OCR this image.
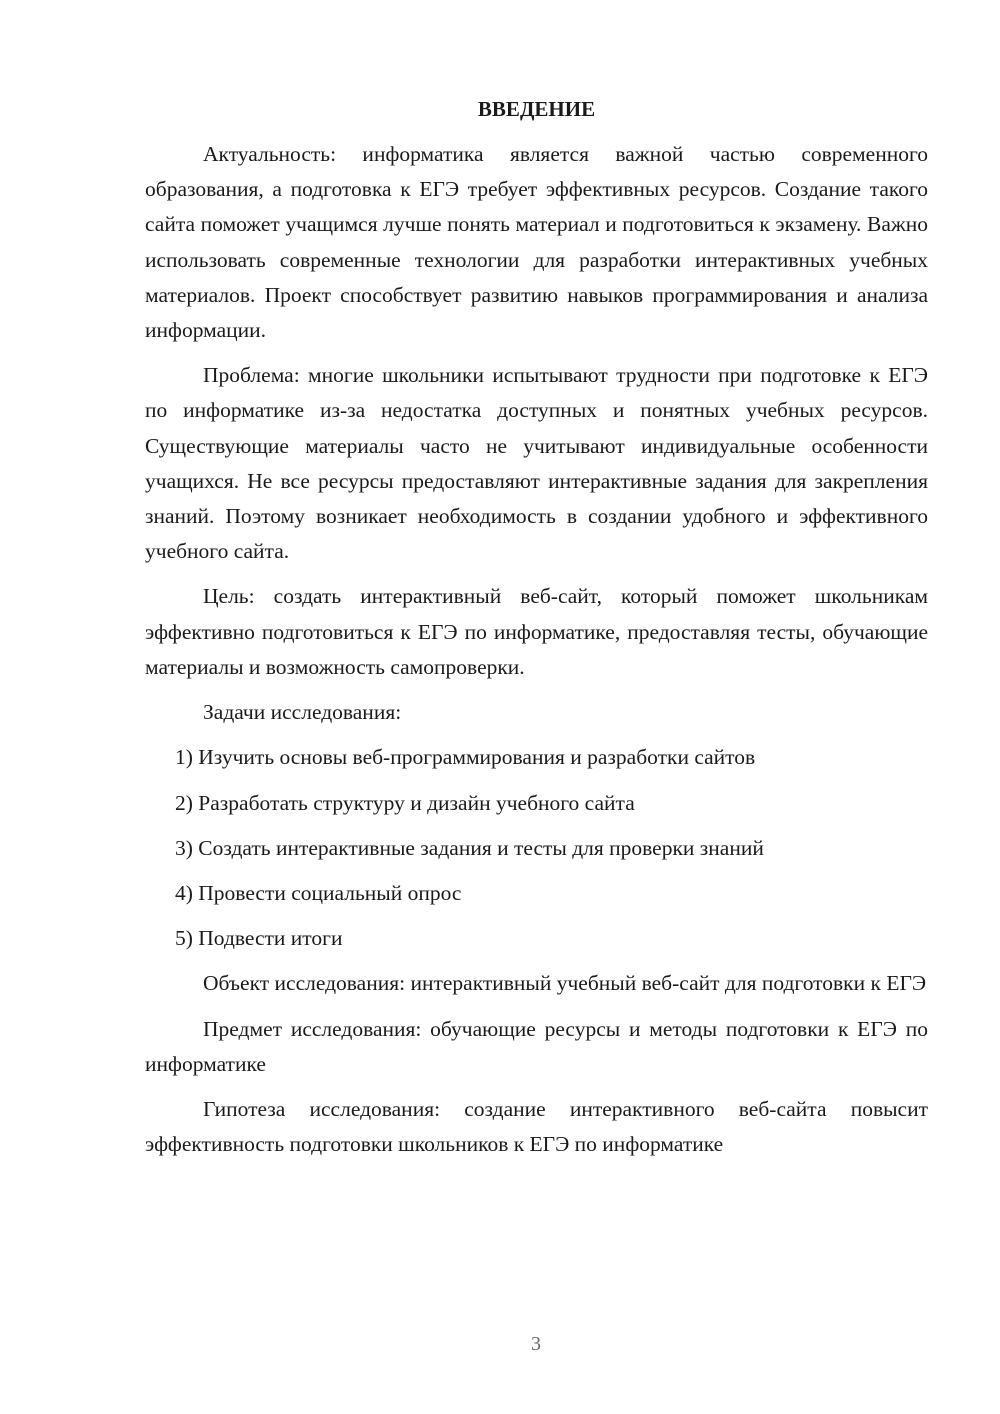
ВВЕДЕНИЕ

Актуальность: информатика является важной частью современного образования, а подготовка к ЕГЭ требует эффективных ресурсов. Создание такого сайта поможет учащимся лучше понять материал и подготовиться к экзамену. Важно использовать современные технологии для разработки интерактивных учебных материалов. Проект способствует развитию навыков программирования и анализа информации.

Проблема: многие школьники испытывают трудности при подготовке к ЕГЭ по информатике из-за недостатка доступных и понятных учебных ресурсов. Существующие материалы часто не учитывают индивидуальные особенности учащихся. Не все ресурсы предоставляют интерактивные задания для закрепления знаний. Поэтому возникает необходимость в создании удобного и эффективного учебного сайта.

Цель: создать интерактивный веб-сайт, который поможет школьникам эффективно подготовиться к ЕГЭ по информатике, предоставляя тесты, обучающие материалы и возможность самопроверки.

Задачи исследования:

1) Изучить основы веб-программирования и разработки сайтов
2) Разработать структуру и дизайн учебного сайта
3) Создать интерактивные задания и тесты для проверки знаний
4) Провести социальный опрос
5) Подвести итоги

Объект исследования: интерактивный учебный веб-сайт для подготовки к ЕГЭ

Предмет исследования: обучающие ресурсы и методы подготовки к ЕГЭ по информатике

Гипотеза исследования: создание интерактивного веб-сайта повысит эффективность подготовки школьников к ЕГЭ по информатике

3
